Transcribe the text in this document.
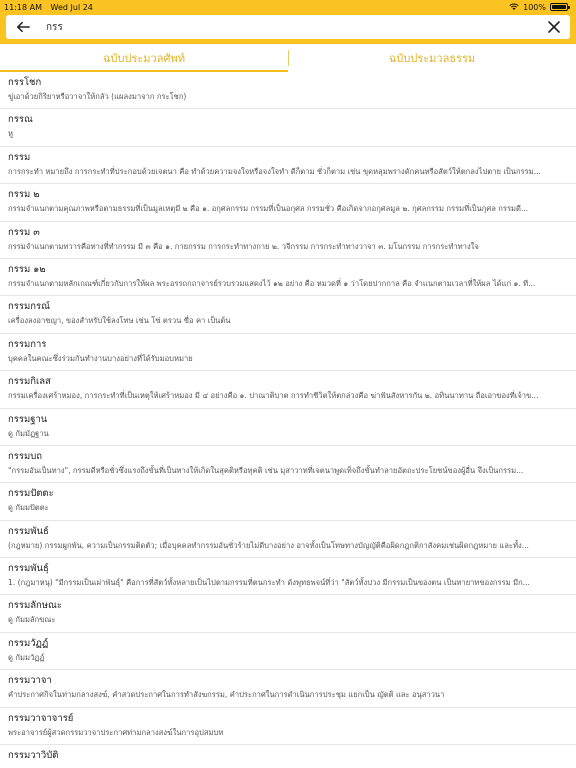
11:18 AM Wed Jul 24	100%
กรร
ฉบับประมวลศัพท์	ฉบับประมวลธรรม
กรรโชก
ขู่เอาด้วยกิริยาหรือวาจาให้กลัว (แผลงมาจาก กระโชก)
กรรณ
หู
กรรม
การกระทำ หมายถึง การกระทำที่ประกอบด้วยเจตนา คือ ทำด้วยความจงใจหรือจงใจทำ ดีก็ตาม ชั่วก็ตาม เช่น ขุดหลุมพรางดักคนหรือสัตว์ให้ตกลงไปตาย เป็นกรรม...
กรรม ๒
กรรมจำแนกตามคุณภาพหรือตามธรรมที่เป็นมูลเหตุมี ๒ คือ ๑. อกุศลกรรม กรรมที่เป็นอกุศล กรรมชั่ว คือเกิดจากอกุศลมูล ๒. กุศลกรรม กรรมที่เป็นกุศล กรรมดี...
กรรม ๓
กรรมจำแนกตามทวารคือทางที่ทำกรรม มี ๓ คือ ๑. กายกรรม การกระทำทางกาย ๒. วจีกรรม การกระทำทางวาจา ๓. มโนกรรม การกระทำทางใจ
กรรม ๑๒
กรรมจำแนกตามหลักเกณฑ์เกี่ยวกับการให้ผล พระอรรถกถาจารย์รวบรวมแสดงไว้ ๑๒ อย่าง คือ หมวดที่ ๑ ว่าโดยปากกาล คือ จำแนกตามเวลาที่ให้ผล ได้แก่ ๑. ที...
กรรมกรณ์
เครื่องลงอาชญา, ของสำหรับใช้ลงโทษ เช่น โซ่ ตรวน ขื่อ คา เป็นต้น
กรรมการ
บุคคลในคณะซึ่งร่วมกันทำงานบางอย่างที่ได้รับมอบหมาย
กรรมกิเลส
กรรมเครื่องเศร้าหมอง, การกระทำที่เป็นเหตุให้เศร้าหมอง มี ๔ อย่างคือ ๑. ปาณาติบาต การทำชีวิตให้ตกล่วงคือ ฆ่าฟันสังหารกัน ๒. อทินนาทาน ถือเอาของที่เจ้าข...
กรรมฐาน
ดู กัมมัฏฐาน
กรรมบถ
"กรรมอันเป็นทาง", กรรมดีหรือชั่วซึ่งแรงถึงขั้นที่เป็นทางให้เกิดในสุคติหรือทุคติ เช่น มุสาวาทที่เจตนาพูดเท็จถึงขั้นทำลายอัตถะประโยชน์ของผู้อื่น จึงเป็นกรรม...
กรรมปัตตะ
ดู กัมมปัตตะ
กรรมพันธ์
(กฎหมาย) กรรมผูกพัน, ความเป็นกรรมติดตัว; เมื่อบุคคลทำกรรมอันชั่วร้ายไม่ดีบางอย่าง อาจทั้งเป็นโทษทางบัญญัติคือผิดกฎกติกาสังคมเช่นผิดกฎหมาย และทั้ง...
กรรมพันธุ์
1. (กฎมาหนุ) "มีกรรมเป็นเผ่าพันธุ์" คือการที่สัตว์ทั้งหลายเป็นไปตามกรรมที่ตนกระทำ ดังพุทธพจน์ที่ว่า "สัตว์ทั้งปวง มีกรรมเป็นของตน เป็นทายาทของกรรม มีก...
กรรมลักษณะ
ดู กัมมลักขณะ
กรรมวัฏฏ์
ดู กัมมวัฏฏ์
กรรมวาจา
คำประกาศกิจในท่ามกลางสงฆ์, คำสวดประกาศในการทำสังฆกรรม, คำประกาศในการดำเนินการประชุม แยกเป็น ญัตติ และ อนุสาวนา
กรรมวาจาจารย์
พระอาจารย์ผู้สวดกรรมวาจาประกาศท่ามกลางสงฆ์ในการอุปสมบท
กรรมวาวิบัติ
